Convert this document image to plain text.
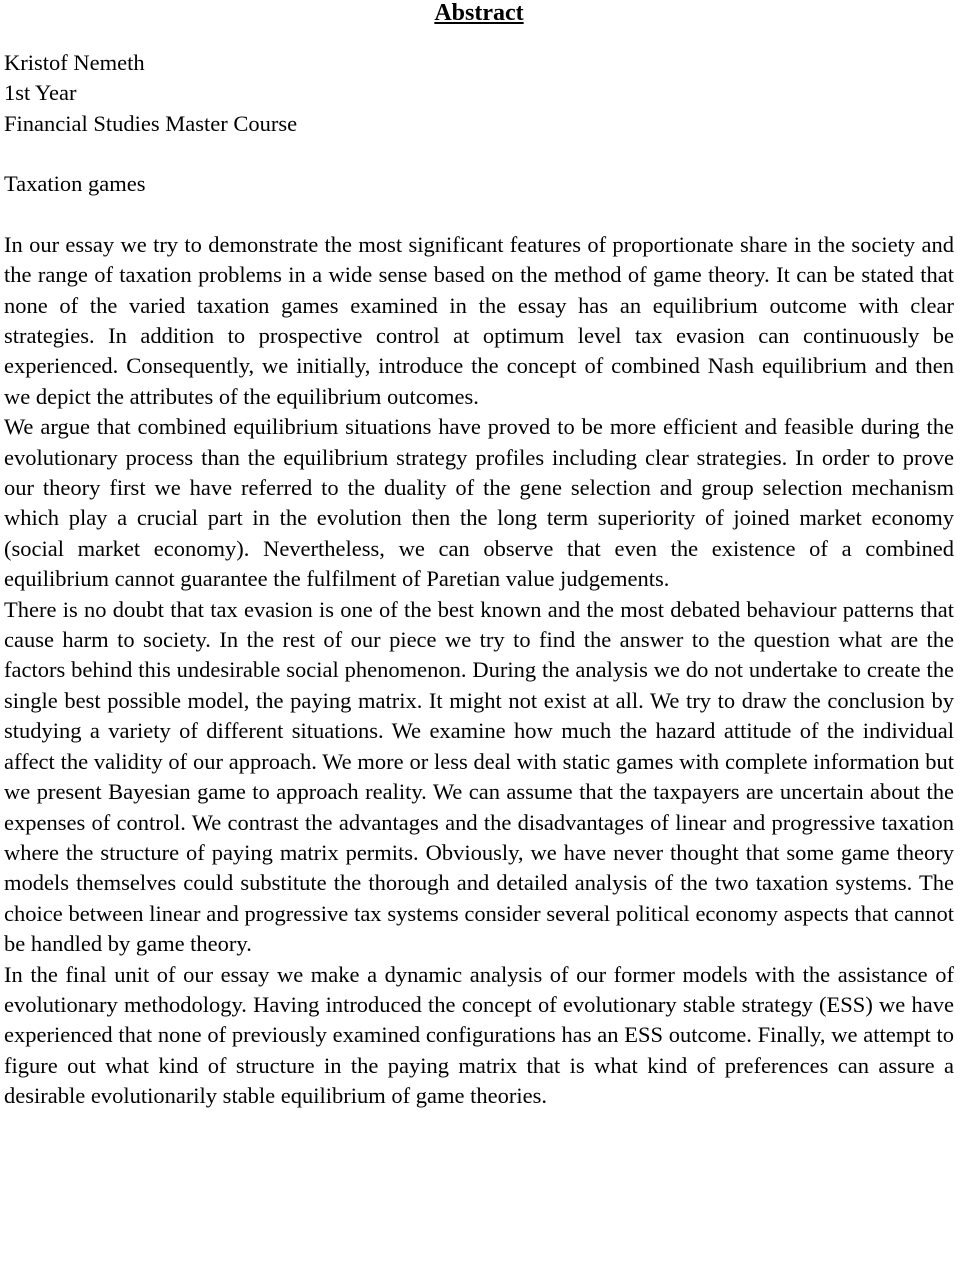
Abstract
Kristof Nemeth
1st Year
Financial Studies Master Course
Taxation games

In our essay we try to demonstrate the most significant features of proportionate share in the society and the range of taxation problems in a wide sense based on the method of game theory. It can be stated that none of the varied taxation games examined in the essay has an equilibrium outcome with clear strategies. In addition to prospective control at optimum level tax evasion can continuously be experienced. Consequently, we initially, introduce the concept of combined Nash equilibrium and then we depict the attributes of the equilibrium outcomes.

We argue that combined equilibrium situations have proved to be more efficient and feasible during the evolutionary process than the equilibrium strategy profiles including clear strategies. In order to prove our theory first we have referred to the duality of the gene selection and group selection mechanism which play a crucial part in the evolution then the long term superiority of joined market economy (social market economy). Nevertheless, we can observe that even the existence of a combined equilibrium cannot guarantee the fulfilment of Paretian value judgements.

There is no doubt that tax evasion is one of the best known and the most debated behaviour patterns that cause harm to society. In the rest of our piece we try to find the answer to the question what are the factors behind this undesirable social phenomenon. During the analysis we do not undertake to create the single best possible model, the paying matrix. It might not exist at all. We try to draw the conclusion by studying a variety of different situations. We examine how much the hazard attitude of the individual affect the validity of our approach. We more or less deal with static games with complete information but we present Bayesian game to approach reality. We can assume that the taxpayers are uncertain about the expenses of control. We contrast the advantages and the disadvantages of linear and progressive taxation where the structure of paying matrix permits. Obviously, we have never thought that some game theory models themselves could substitute the thorough and detailed analysis of the two taxation systems. The choice between linear and progressive tax systems consider several political economy aspects that cannot be handled by game theory.

In the final unit of our essay we make a dynamic analysis of our former models with the assistance of evolutionary methodology. Having introduced the concept of evolutionary stable strategy (ESS) we have experienced that none of previously examined configurations has an ESS outcome. Finally, we attempt to figure out what kind of structure in the paying matrix that is what kind of preferences can assure a desirable evolutionarily stable equilibrium of game theories.
